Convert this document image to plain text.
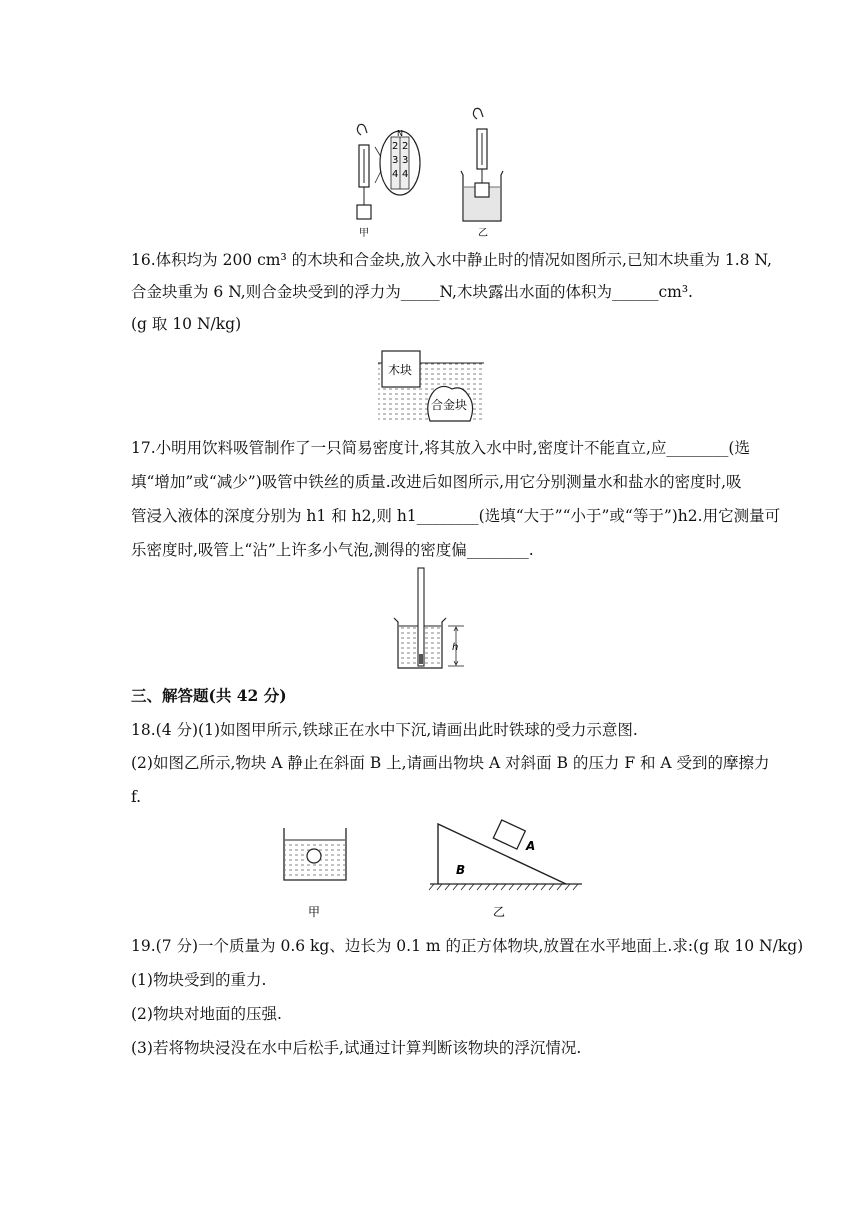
2
3
4
2
3
4
N
甲	乙
16.体积均为 200 cm³ 的木块和合金块,放入水中静止时的情况如图所示,已知木块重为 1.8 N,
合金块重为 6 N,则合金块受到的浮力为_____N,木块露出水面的体积为______cm³.
(g 取 10 N/kg)
木块
合金块
17.小明用饮料吸管制作了一只简易密度计,将其放入水中时,密度计不能直立,应________(选
填“增加”或“减少”)吸管中铁丝的质量.改进后如图所示,用它分别测量水和盐水的密度时,吸
管浸入液体的深度分别为 h1 和 h2,则 h1________(选填“大于”“小于”或“等于”)h2.用它测量可
乐密度时,吸管上“沾”上许多小气泡,测得的密度偏________.
h
三、解答题(共 42 分)
18.(4 分)(1)如图甲所示,铁球正在水中下沉,请画出此时铁球的受力示意图.
(2)如图乙所示,物块 A 静止在斜面 B 上,请画出物块 A 对斜面 B 的压力 F 和 A 受到的摩擦力
f.
甲
A
B
乙
19.(7 分)一个质量为 0.6 kg、边长为 0.1 m 的正方体物块,放置在水平地面上.求:(g 取 10 N/kg)
(1)物块受到的重力.
(2)物块对地面的压强.
(3)若将物块浸没在水中后松手,试通过计算判断该物块的浮沉情况.
